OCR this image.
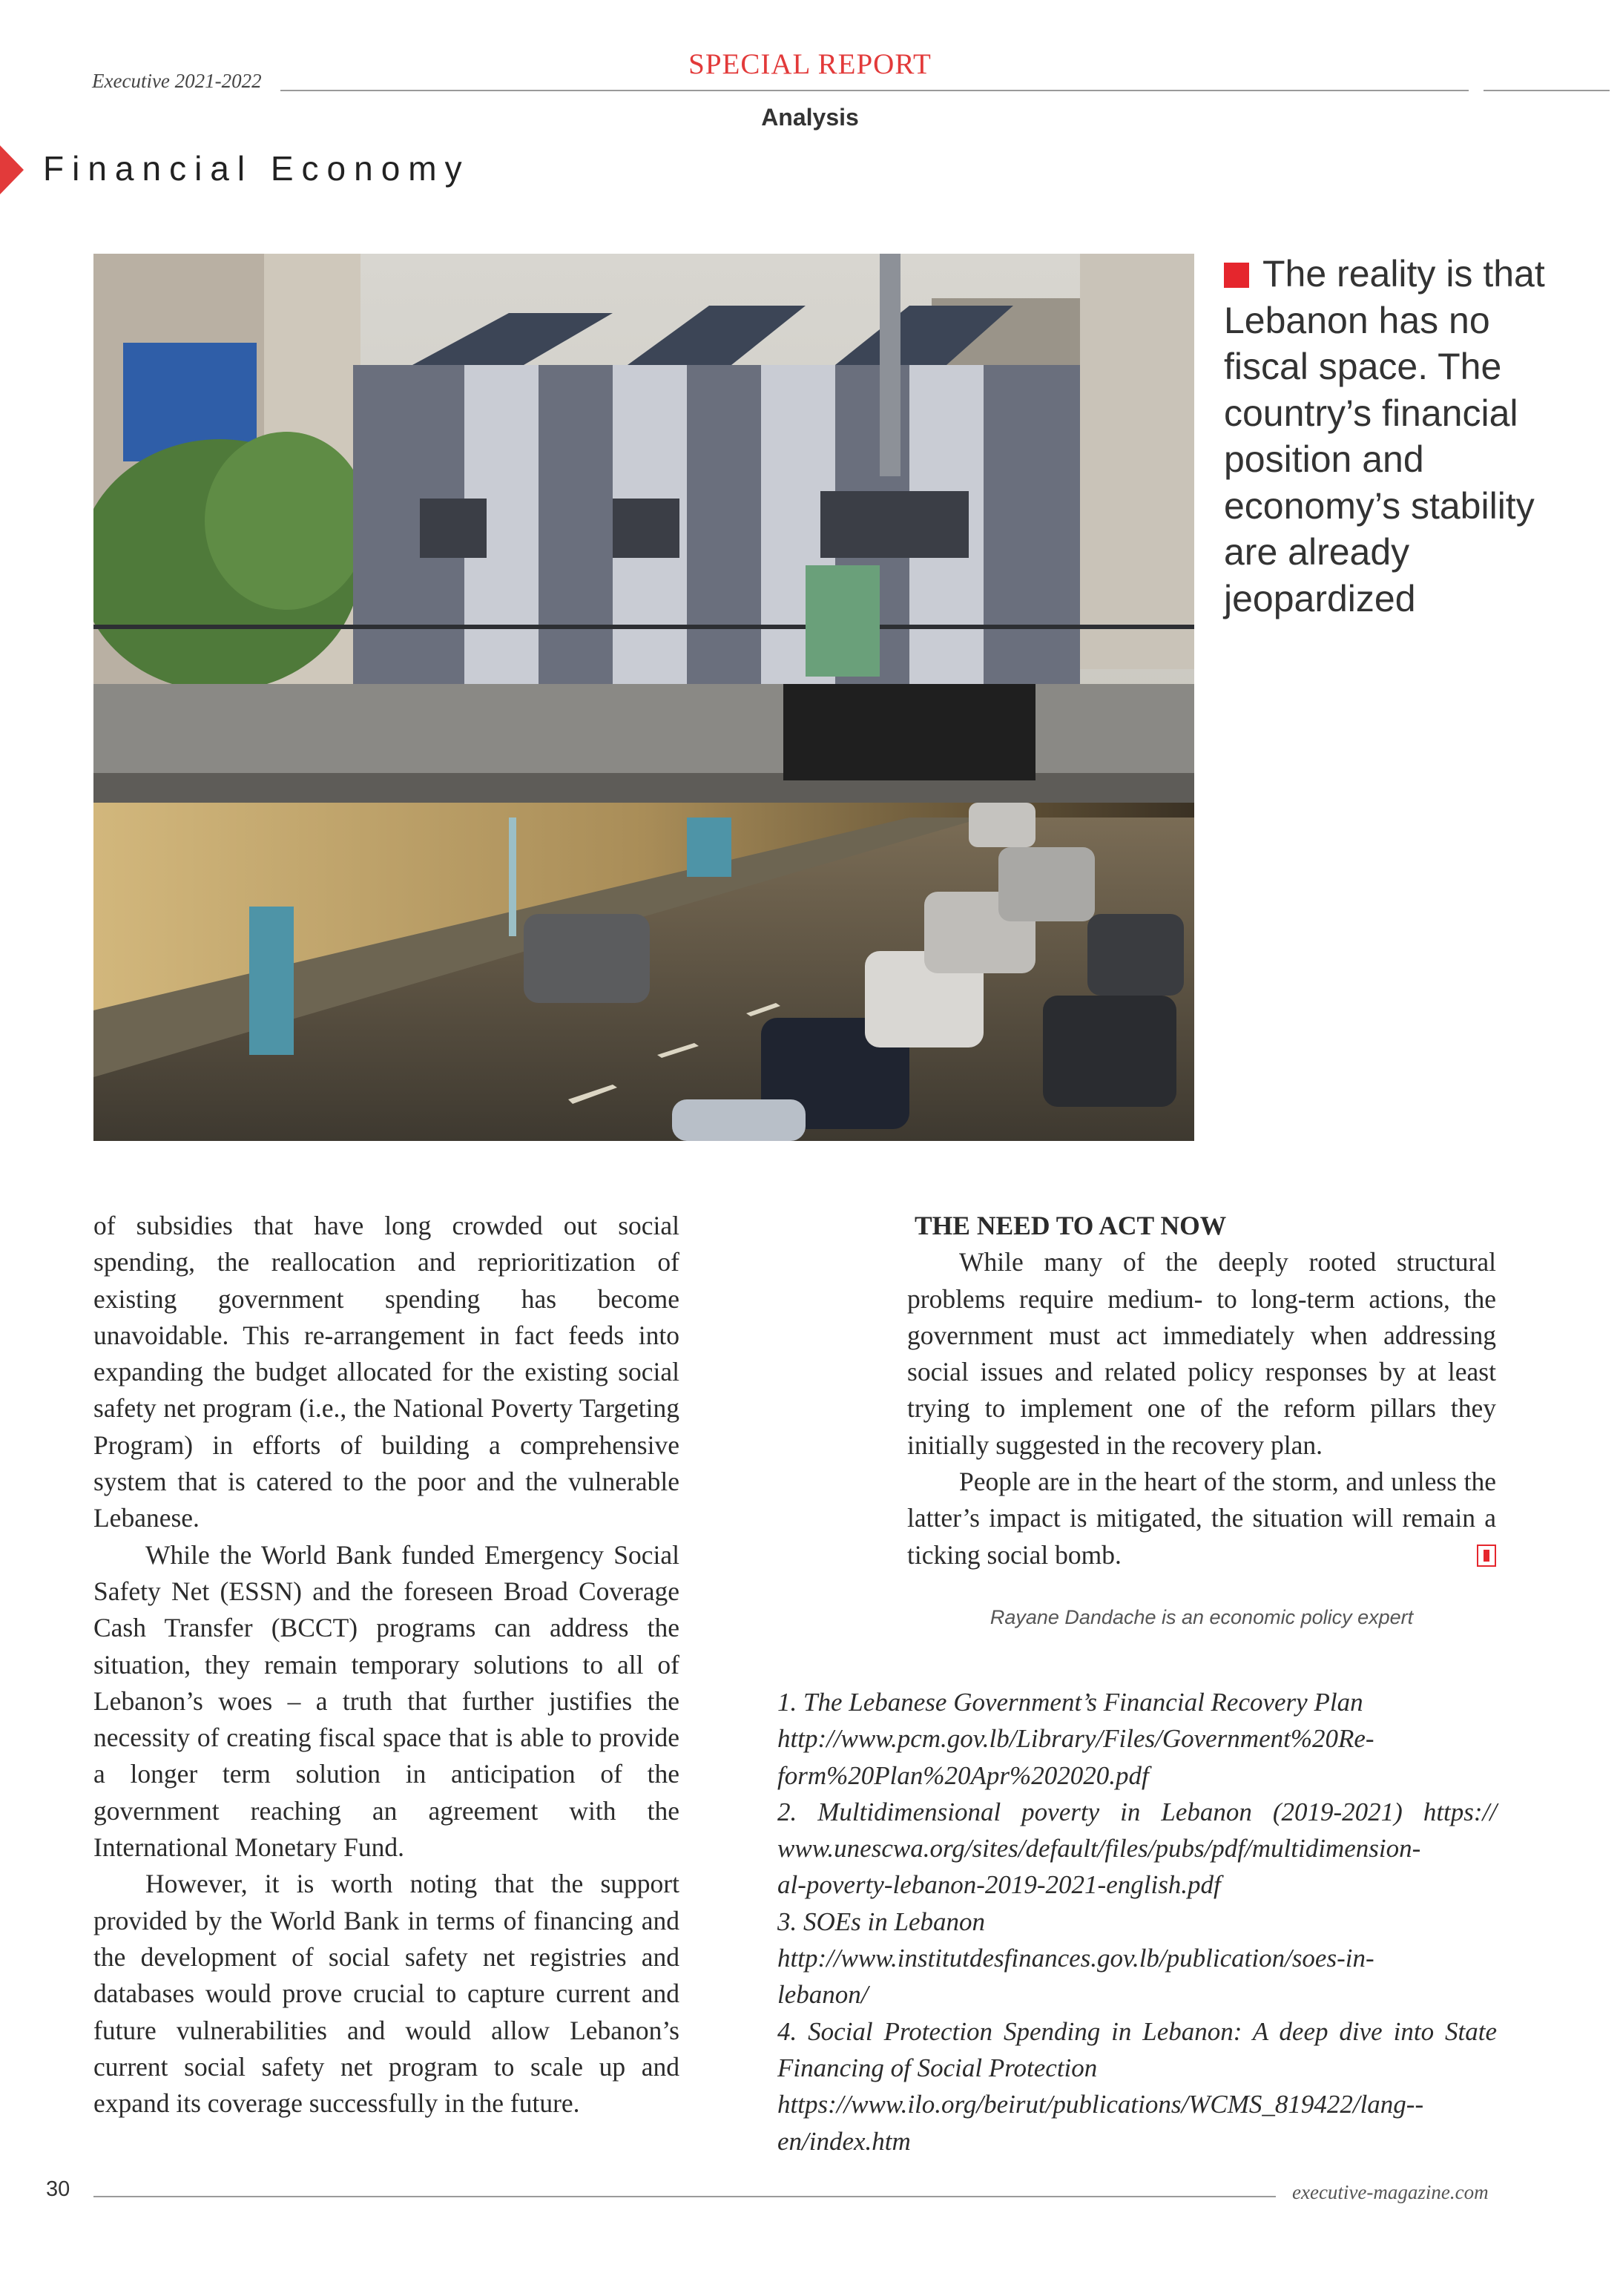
Executive 2021-2022
SPECIAL REPORT
Analysis
Financial Economy
The reality is that Lebanon has no fiscal space. The country’s financial position and economy’s stability are already jeopardized

of subsidies that have long crowded out social spending, the reallocation and reprioritization of existing government spending has become unavoidable. This re-arrangement in fact feeds into expanding the budget allocated for the existing social safety net program (i.e., the National Poverty Targeting Program) in efforts of building a comprehensive system that is catered to the poor and the vulnerable Lebanese.

While the World Bank funded Emergency Social Safety Net (ESSN) and the foreseen Broad Coverage Cash Transfer (BCCT) programs can address the situation, they remain temporary solutions to all of Lebanon’s woes – a truth that further justifies the necessity of creating fiscal space that is able to provide a longer term solution in anticipation of the government reaching an agreement with the International Monetary Fund.

However, it is worth noting that the support provided by the World Bank in terms of financing and the development of social safety net registries and databases would prove crucial to capture current and future vulnerabilities and would allow Lebanon’s current social safety net program to scale up and expand its coverage successfully in the future.

THE NEED TO ACT NOW

While many of the deeply rooted structural problems require medium- to long-term actions, the government must act immediately when addressing social issues and related policy responses by at least trying to implement one of the reform pillars they initially suggested in the recovery plan.

People are in the heart of the storm, and unless the latter’s impact is mitigated, the situation will remain a ticking social bomb.

Rayane Dandache is an economic policy expert

1. The Lebanese Government’s Financial Recovery Plan

http://www.pcm.gov.lb/Library/Files/Government%20Re-

form%20Plan%20Apr%202020.pdf

2. Multidimensional poverty in Lebanon (2019-2021) https://

www.unescwa.org/sites/default/files/pubs/pdf/multidimension-

al-poverty-lebanon-2019-2021-english.pdf

3. SOEs in Lebanon

http://www.institutdesfinances.gov.lb/publication/soes-in-

lebanon/

4. Social Protection Spending in Lebanon: A deep dive into State

Financing of Social Protection

https://www.ilo.org/beirut/publications/WCMS_819422/lang--

en/index.htm

30	executive-magazine.com
